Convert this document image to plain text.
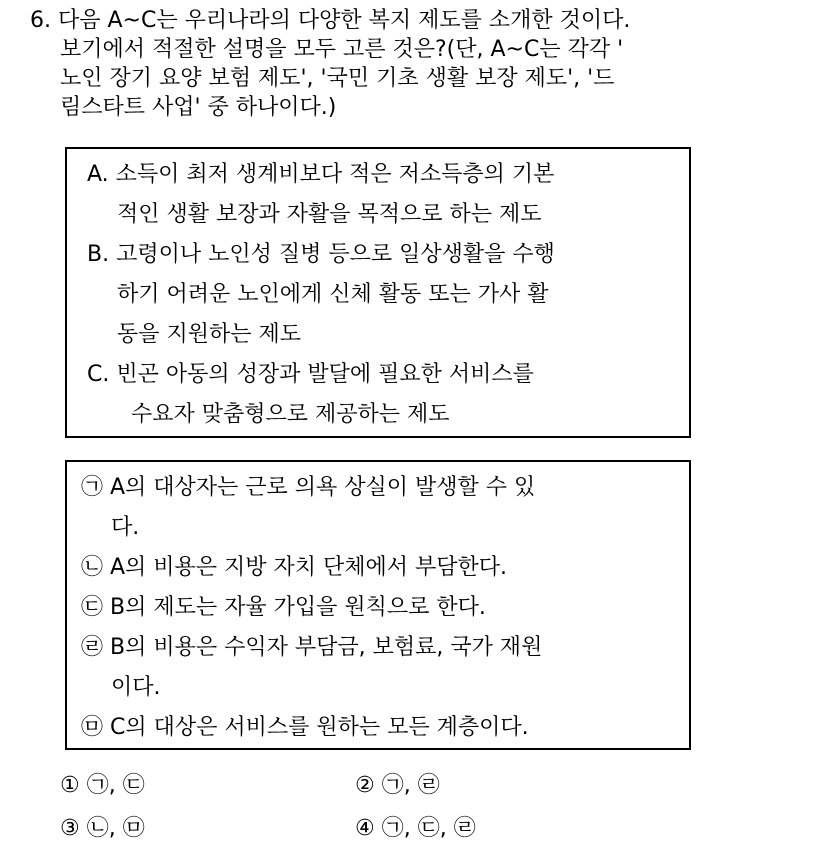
6. 다음 A~C는 우리나라의 다양한 복지 제도를 소개한 것이다.
보기에서 적절한 설명을 모두 고른 것은?(단, A~C는 각각 '
노인 장기 요양 보험 제도', '국민 기초 생활 보장 제도', '드
림스타트 사업' 중 하나이다.)
A. 소득이 최저 생계비보다 적은 저소득층의 기본
적인 생활 보장과 자활을 목적으로 하는 제도
B. 고령이나 노인성 질병 등으로 일상생활을 수행
하기 어려운 노인에게 신체 활동 또는 가사 활
동을 지원하는 제도
C. 빈곤 아동의 성장과 발달에 필요한 서비스를
수요자 맞춤형으로 제공하는 제도
㉠ A의 대상자는 근로 의욕 상실이 발생할 수 있
다.
㉡ A의 비용은 지방 자치 단체에서 부담한다.
㉢ B의 제도는 자율 가입을 원칙으로 한다.
㉣ B의 비용은 수익자 부담금, 보험료, 국가 재원
이다.
㉤ C의 대상은 서비스를 원하는 모든 계층이다.
① ㉠, ㉢	② ㉠, ㉣
③ ㉡, ㉤	④ ㉠, ㉢, ㉣
